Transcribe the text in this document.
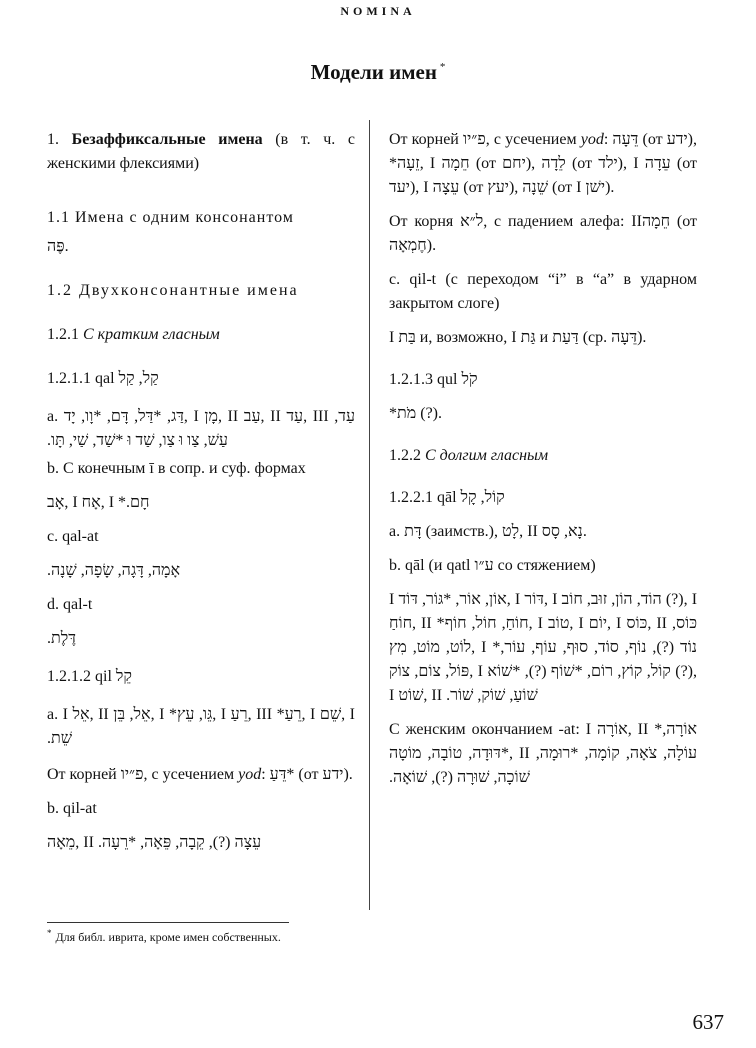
NOMINA
Модели имен *

1. Безаффиксальные имена (в т. ч. с женскими флексиями)

1.1 Имена с одним консонантом

פֶּה.

1.2 Двухконсонантные имена

1.2.1 С кратким гласным

1.2.1.1 qal ‏קַל, קַל‏

a. ‏דַּג, *דַּל, דָּם, *וָו, יָד, I מָן, II עַב, II עַד, III עַד, עַשׁ, צַו וּ צַו, שַׁד וּ *שַׁד, שַׁי, תָּו.‏

b. С конечным ī в сопр. и суф. формах

‏אָב, I אָח, I *חָם.‏

c. qal-at

‏אָמָה, דָּגָה, שָׂפָה, שָׁנָה.‏

d. qal-t

‏דֶּלֶת.‏

1.2.1.2 qil ‏קֵל‏

a. ‏I אֵל, II אֵל, בֵּן, I *גֵּו, עֵץ, I רֵעַ, III *רֵעַ, I שֵׁם, I שֵׁת.‏

От корней פ״יו, с усечением yod: ‏*דֵּעַ‏ (от ‏ידע‏).

b. qil-at

‏מֵאָה, II עֵצָה (?), קֵבָה, פֵּאָה, *רֵעָה.‏

От корней פ״יו, с усечением yod: ‏דֵּעָה‏ (от ‏ידע‏), *‏זֵעָה‏, I ‏חֵמָה‏ (от ‏יחם‏), ‏לֵדָה‏ (от ‏ילד‏), I ‏עֵדָה‏ (от ‏יעד‏), I ‏עֵצָה‏ (от ‏יעץ‏), ‏שֵׁנָה‏ (от I ‏ישׁן‏).

От корня ל״א, с падением алефа: II‏חֵמָה‏ (от ‏חֶמְאָה‏).

c. qil-t (с переходом “i” в “a” в ударном закрытом слоге)

I ‏בַּת‏ и, возможно, I ‏גַּת‏ и ‏דַּעַת‏ (ср. ‏דֵּעָה‏).

1.2.1.3 qul ‏קֹל‏

*‏מֹת‏ (?).

1.2.2 С долгим гласным

1.2.2.1 qāl ‏קוֹל, קָל‏

a. ‏דָּת‏ (заимств.), ‏לָט‏, II ‏נָא‏, ‏סָס‏.

b. qāl (и qatl ע״ו со стяжением)

‏I אוֹן, אוֹר, *גּוֹר, דּוֹד, I דּוֹר, I הוֹד, הוֹן, זוּב, חוֹב (?), I חוֹחַ, II *חוֹחַ, חוֹל, חוֹף, I טוֹב, I יוֹם, I כּוֹס, II כּוֹס, לוֹט, מוֹט, מִץ, I *נוֹד (?), נוֹף, סוֹד, סוּף, עוֹף, עוֹר, פּוֹל, צוֹם, צוֹק, I קוֹל, קוֹץ, רוֹם, *שׁוֹף (?), *שׁוֹא (?), I שׁוֹט, II שׁוֹעַ, שׁוֹק, שׁוֹר.‏

С женским окончанием -at: ‏I אוֹרָה, II *אוֹרָה, *דּוּדָה, טוֹבָה, מוֹטָה, II עוֹלָה, צֹאָה, קוֹמָה, *רוּמָה, שׁוֹכָה, שׁוּרָה (?), שׁוֹאָה.‏

* Для библ. иврита, кроме имен собственных.
637
